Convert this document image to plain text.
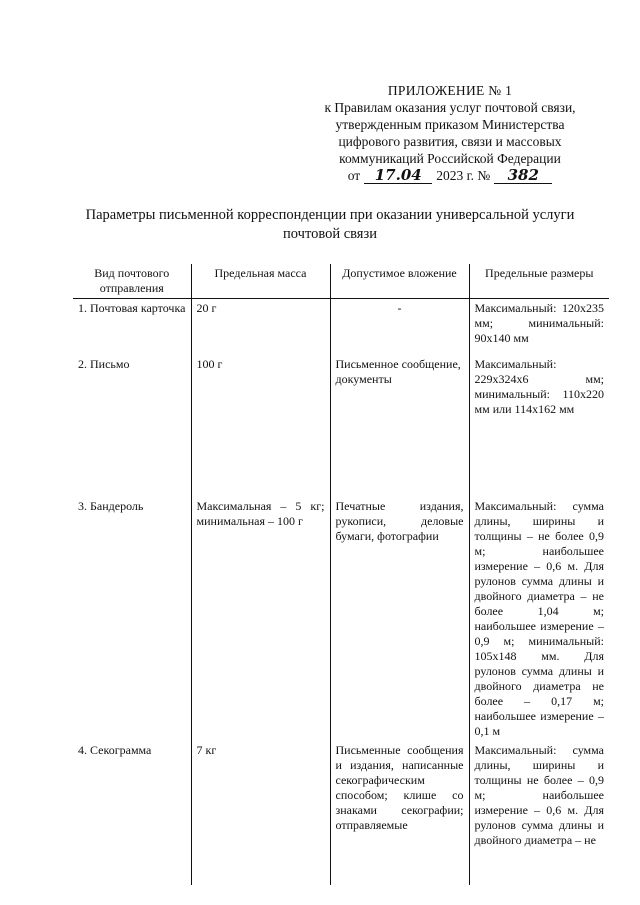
ПРИЛОЖЕНИЕ № 1
к Правилам оказания услуг почтовой связи,
утвержденным приказом Министерства
цифрового развития, связи и массовых
коммуникаций Российской Федерации
от 17.04	2023 г. №	382
Параметры письменной корреспонденции при оказании универсальной услуги
почтовой связи
Вид почтового отправления	Предельная масса	Допустимое вложение	Предельные размеры
1. Почтовая карточка	20 г	-	Максимальный: 120x235 мм; минимальный: 90x140 мм
2. Письмо	100 г	Письменное сообщение, документы	Максимальный: 229x324x6 мм; минимальный: 110x220 мм или 114x162 мм
3. Бандероль	Максимальная – 5 кг; минимальная – 100 г	Печатные издания, рукописи, деловые бумаги, фотографии	Максимальный: сумма длины, ширины и толщины – не более 0,9 м; наибольшее измерение – 0,6 м. Для рулонов сумма длины и двойного диаметра – не более 1,04 м; наибольшее измерение – 0,9 м; минимальный: 105x148 мм. Для рулонов сумма длины и двойного диаметра не более – 0,17 м; наибольшее измерение – 0,1 м
4. Секограмма	7 кг	Письменные сообщения и издания, написанные секографическим способом; клише со знаками секографии; отправляемые	Максимальный: сумма длины, ширины и толщины не более – 0,9 м; наибольшее измерение – 0,6 м. Для рулонов сумма длины и двойного диаметра – не
